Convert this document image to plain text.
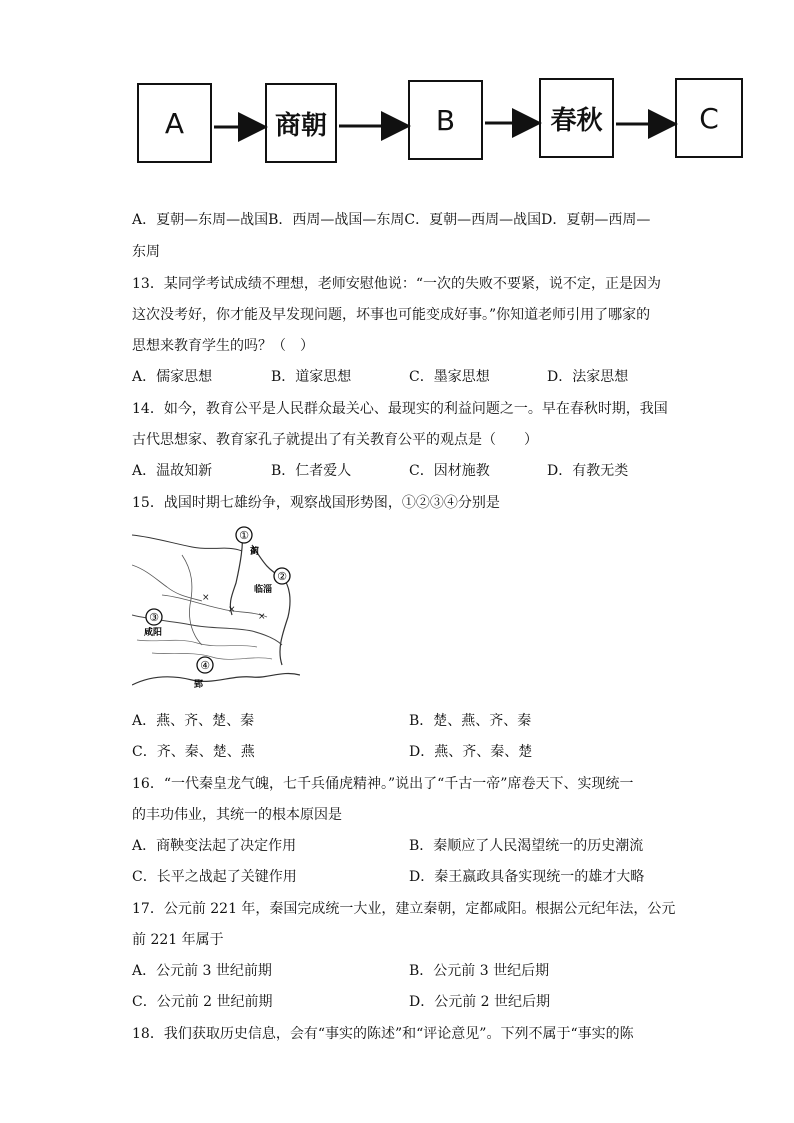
A	商朝	B	春秋	C
A．夏朝—东周—战国B．西周—战国—东周C．夏朝—西周—战国D．夏朝—西周—
东周
13．某同学考试成绩不理想，老师安慰他说：“一次的失败不要紧，说不定，正是因为
这次没考好，你才能及早发现问题，坏事也可能变成好事。”你知道老师引用了哪家的
思想来教育学生的吗？（　）
A．儒家思想	B．道家思想	C．墨家思想	D．法家思想
14．如今，教育公平是人民群众最关心、最现实的利益问题之一。早在春秋时期，我国
古代思想家、教育家孔子就提出了有关教育公平的观点是（　　）
A．温故知新	B．仁者爱人	C．因材施教	D．有教无类
15．战国时期七雄纷争，观察战国形势图，①②③④分别是
×
×
×
①
蓟
②
临淄
③
咸阳
④
郢
A．燕、齐、楚、秦	B．楚、燕、齐、秦
C．齐、秦、楚、燕	D．燕、齐、秦、楚
16．“一代秦皇龙气魄，七千兵俑虎精神。”说出了“千古一帝”席卷天下、实现统一
的丰功伟业，其统一的根本原因是
A．商鞅变法起了决定作用	B．秦顺应了人民渴望统一的历史潮流
C．长平之战起了关键作用	D．秦王嬴政具备实现统一的雄才大略
17．公元前 221 年，秦国完成统一大业，建立秦朝，定都咸阳。根据公元纪年法，公元
前 221 年属于
A．公元前 3 世纪前期	B．公元前 3 世纪后期
C．公元前 2 世纪前期	D．公元前 2 世纪后期
18．我们获取历史信息，会有“事实的陈述”和“评论意见”。下列不属于“事实的陈
